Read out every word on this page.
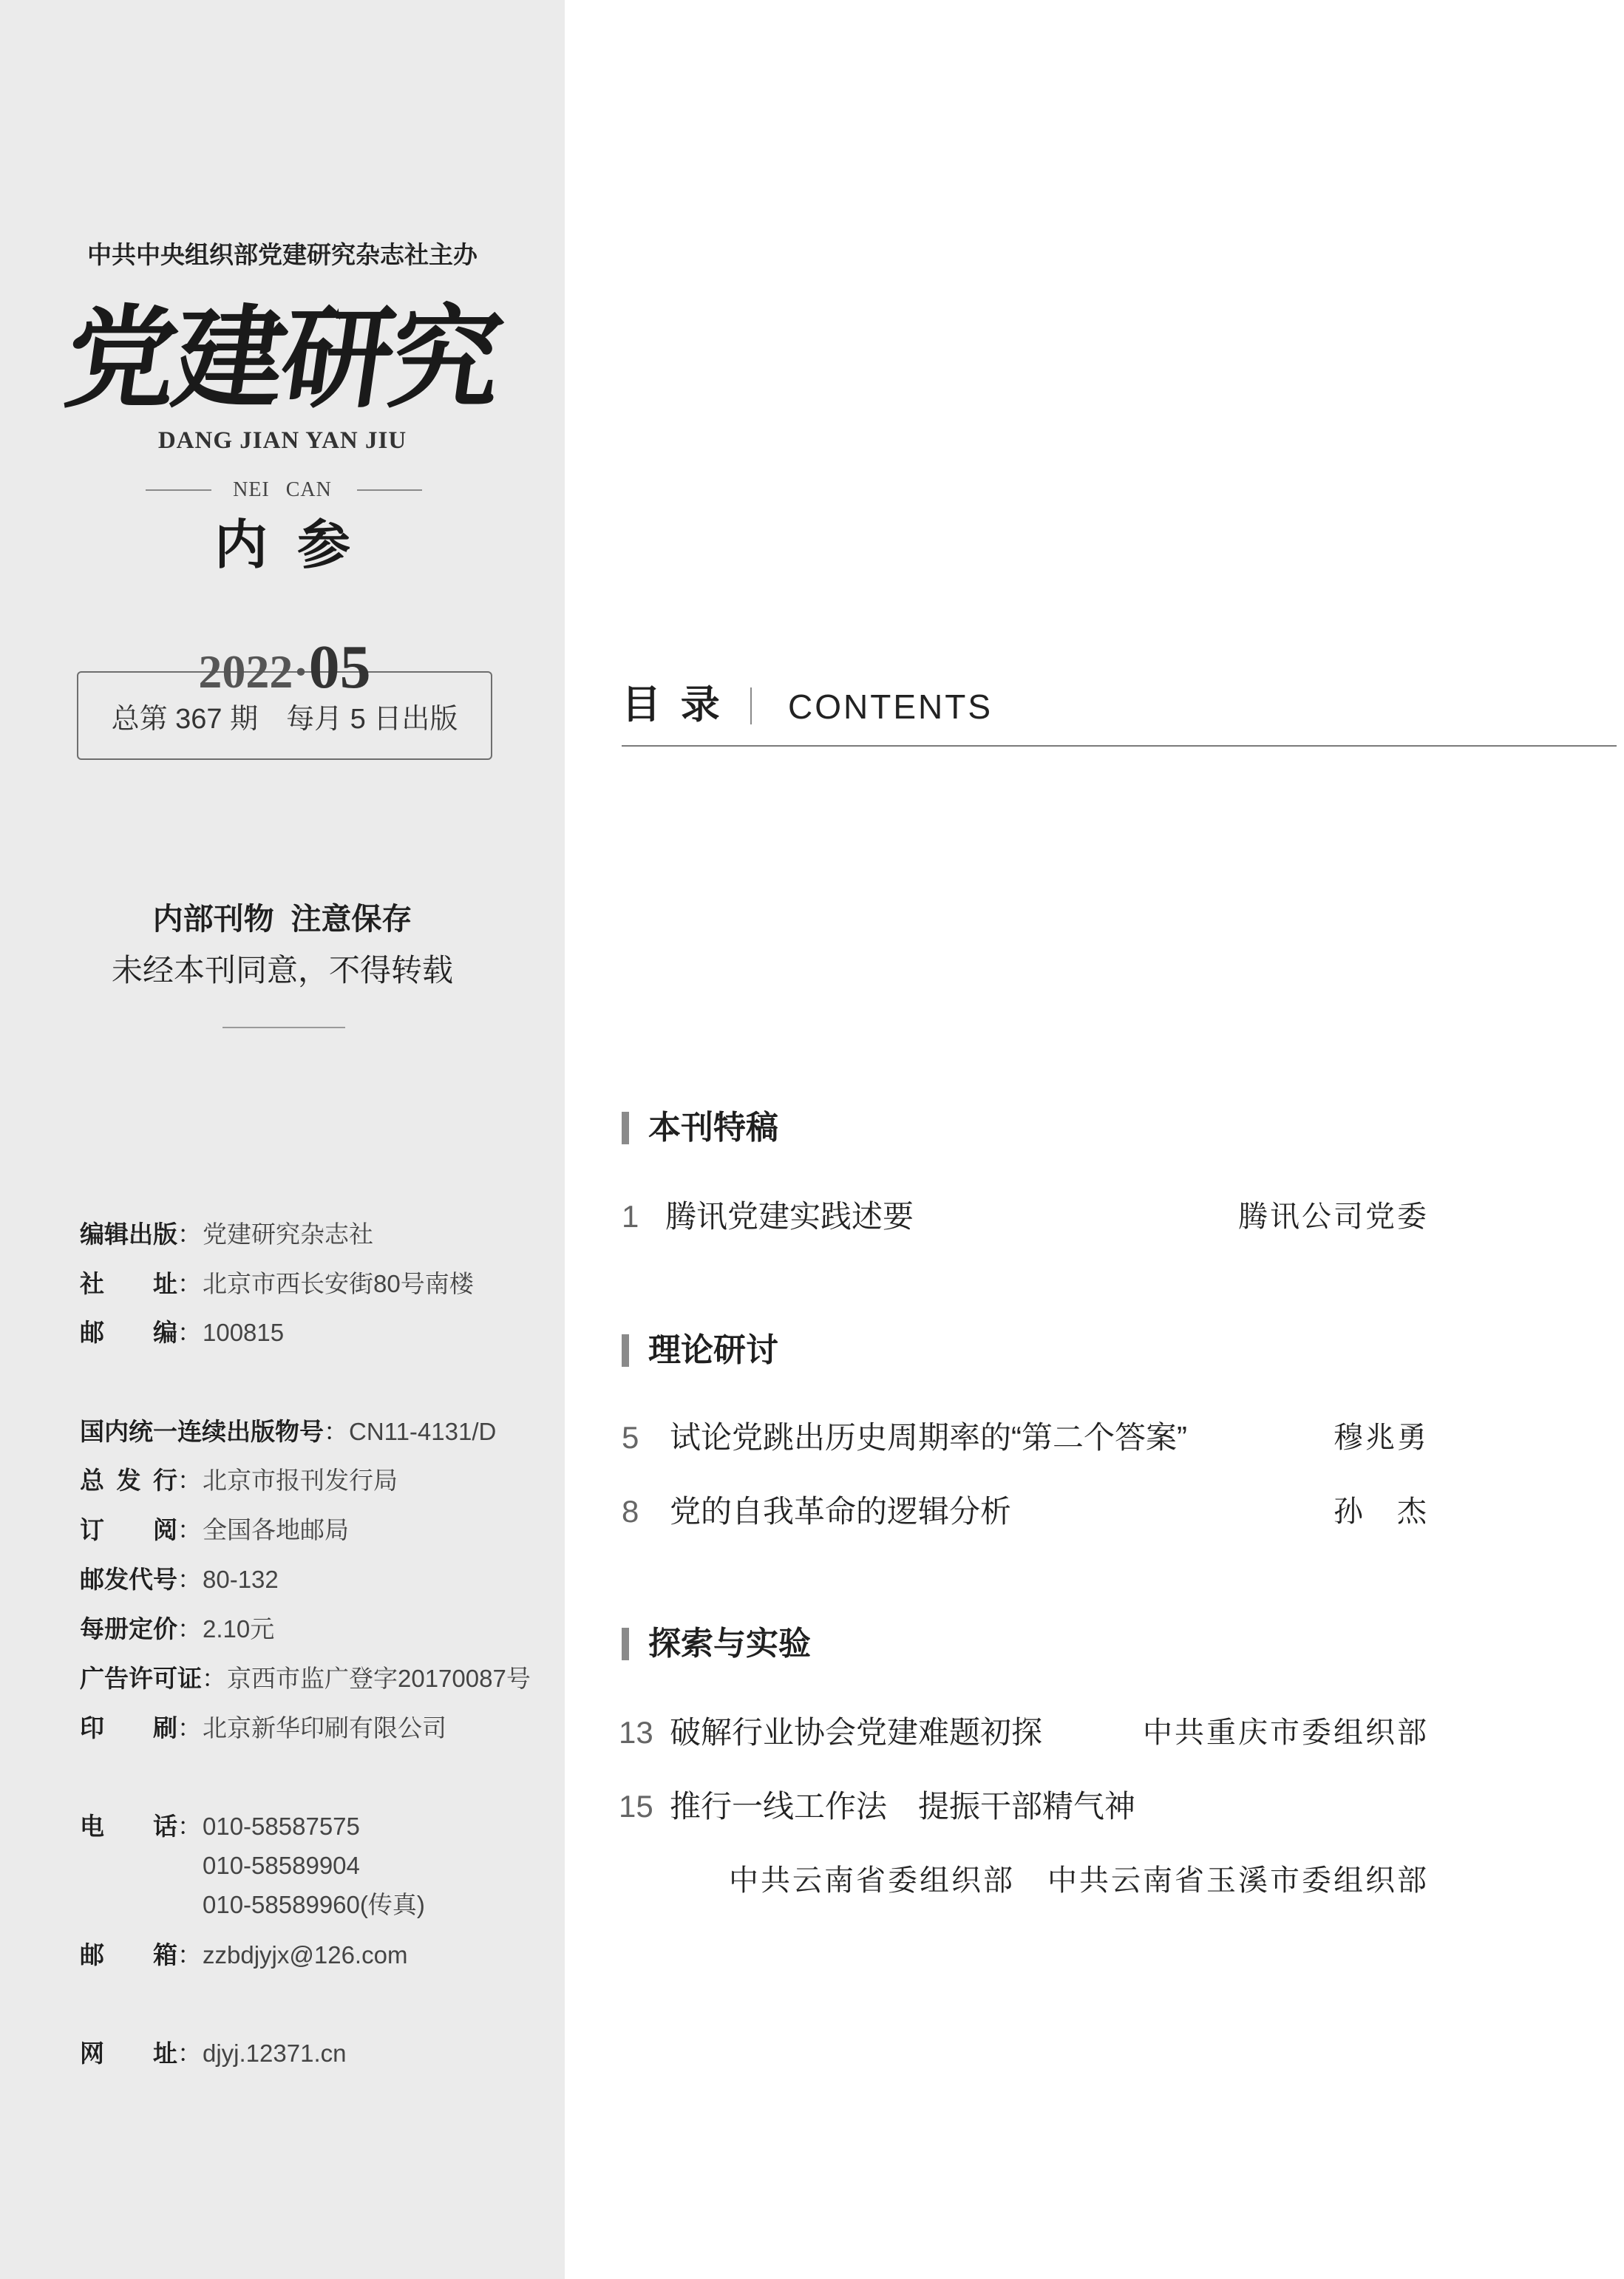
中共中央组织部党建研究杂志社主办
党建研究
DANG JIAN YAN JIU
NEI CAN
内 参
2022·05
总第 367 期　每月 5 日出版
内部刊物  注意保存
未经本刊同意，不得转载
编辑出版：党建研究杂志社
社 址：北京市西长安街80号南楼
邮 编：100815
国内统一连续出版物号：CN11-4131/D
总 发 行：北京市报刊发行局
订 阅：全国各地邮局
邮发代号：80-132
每册定价：2.10元
广告许可证：京西市监广登字20170087号
印 刷：北京新华印刷有限公司
电 话： 010-58587575
010-58589904
010-58589960(传真)
邮 箱：zzbdjyjx@126.com
网 址：djyj.12371.cn
目 录 CONTENTS
本刊特稿
1 腾讯党建实践述要	腾讯公司党委
理论研讨
5 试论党跳出历史周期率的“第二个答案”	穆兆勇
8 党的自我革命的逻辑分析	孙　杰
探索与实验
13 破解行业协会党建难题初探	中共重庆市委组织部
15 推行一线工作法　提振干部精气神
中共云南省委组织部 中共云南省玉溪市委组织部
